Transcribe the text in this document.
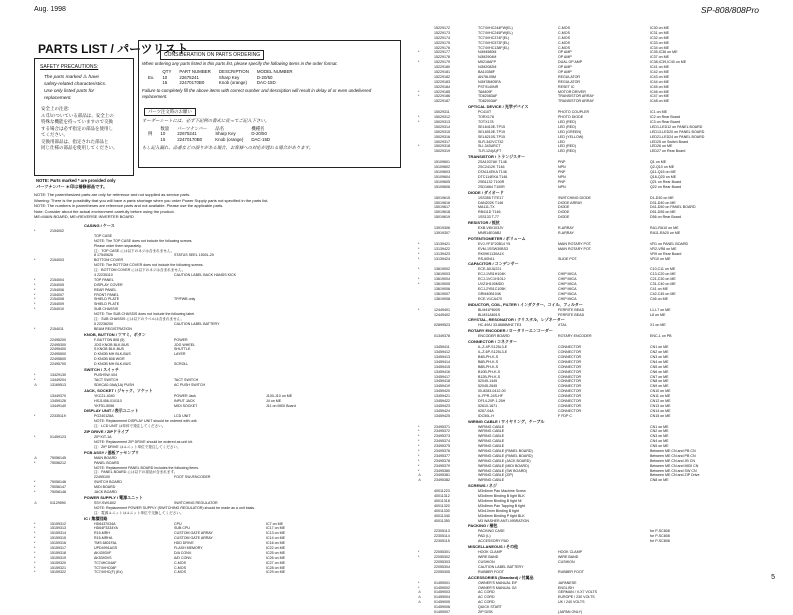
Aug. 1998	SP-808/808Pro
PARTS LIST / パーツリスト
SAFETY PRECAUTIONS:
The parts marked ⚠ have
safety-related characteristics.
Use only listed parts for
replacement.
安全上の注意:
⚠ 印のついている部品は、安全上の
特殊な機能を持っていますので交換
する場合は必ず指定の部品を使用し
てください。
交換用部品は、指定された部品と
同じ仕様の部品を使用してください。
CONSIDERATION ON PARTS ORDERING
When ordering any parts listed in this parts list, please specify the following items in the order format.
	QTY	PART NUMBER	DESCRIPTION	MODEL NUMBER
Ex.	10	22675241	Sharp Key	D-20/50
	15	22470170B0	Knob (orange)	DAC-15D
Failure to completely fill the above items with correct number and description will result in delay of or even undelivered replacement.
パーツ注文時のお願い
オーダーシートには、必ず下記例の書式に従ってご記入下さい。
	数量	パーツナンバー	品名	機種名
例	10	22675241	Sharp Key	D-20/50
	15	22470170B0	Knob (orange)	DAC-15D
もし記入漏れ、品番などの誤りがある場合、お客様への対応が遅れる場合があります。
NOTE: Parts marked * are provided only
パーツナンバー ＊印は補修部品です。
NOTE: The parenthesized parts are only for reference and not supplied as service parts.
Warning: There is the possibility that you will have a parts shortage when you order Power Supply parts not specified in the parts list.
NOTE: The numbers in parentheses are reference parts and not available. Please use the applicable parts.
Note: Consider about the actual environment carefully before using the product.
ME=MAIN BOARD, ME=REVERSE INVERTER BOARD
CASING / ケース
*	2154002
TOP CASE
NOTE: The TOP CASE does not include the following screws.
Please order them separately.
注：TOP CASE には以下のネジは含まれません。
8 17540626	STATUS SEEL 1500L-20
*	2154003	BOTTOM COVER
NOTE: The BOTTOM COVER does not include the following screws.
注：BOTTOM COVER には以下のネジは含まれません。
4 22235110	CAUTION LABEL BACK HANDS KICK
*	2154004	TOP PANEL
*	2154005	DISPLAY COVER
*	2154006	REAR PANEL
*	2154007	FRONT PANEL
*	2154008	SHIELD PLATE	TP/FWB only
*	2154009	SHIELD PLATE
*	2154010	SUB CHASSIS
NOTE: The SUB CHASSIS does not include the following label.
注：SUB CHASSIS には以下のラベルは含まれません。
5 22236200	CAUTION LABEL BATTERY
*	2154011	BEAM REGISTRATION
KNOB, BUTTON / ツマミ、ボタン
22495200	F-BUTTON 808 (5)	POWER
22495300	JOG KNOB BLK-BUS	JOG WHEEL
22495400	S KNOB BLK-BUS	SHUTTLE
22495500	D KNOB MH BLK-BUS	LAYER
22495600	D KNOB 808 WGR
22495700	D KNOB MH BLK-BUS	SCROLL
SWITCH / スイッチ
*	13429130	PUSHSW 4X4
*	13449204	TACT SWITCH	TACT SWITCH
⚠	13169513	SDKCA0-0AA(1A) PUSH	AC PUSH SWITCH
JACK, SOCKET / ジャック、ソケット
13449370	YKC21-4040	POWER Jack	J100-J10 on ME
13459126	HSJ1456-010110	INPUT JACK	J4 on ME
13449140	YKF51-5056	MIDI SOCKET	J11 on MIDI Board
DISPLAY UNIT / 表示ユニット
*	22335119	PG240128A	LCD UNIT
NOTE: Replacement DISPLAY UNIT should be ordered with unit.
注：LCD UNIT は単体で発注してください。
ZIP DRIVE / ZIPドライブ
*	01459123	ZIP KIT-1A
NOTE: Replacement ZIP DRIVE should be ordered as unit kit.
注：ZIP DRIVE はユニット単位で発注してください。
PCB ASSY / 基板アッセンブリ
⚠	75056145	MAIN BOARD
*	75056212	PANEL BOARD
NOTE: Replacement PANEL BOARD includes the following items.
注：PANEL BOARD には以下の部品が含まれます。
22495100	FOOT SW./ENCODER
*	75056146	SWITCH BOARD
*	75056147	MIDI BOARD
*	75056148	JACK BOARD
POWER SUPPLY / 電源ユニット
⚠	01129590	SSY-SW1802	SWITCHING REGULATOR
NOTE: Replacement POWER SUPPLY (SWITCHING REGULATOR) should be made as a unit basis.
注：電源ユニットはユニット単位で交換してください。
IC / 集積回路
*	15159312	HD6437034A	CPU	IC7 on ME
*	15159313	HD64F3334YA	SUB CPU	IC17 on ME
*	15159314	R15-MRH	CUSTOM GATE ARRAY	IC13 on ME
*	15159315	R15-MRHA	CUSTOM GATE ARRAY	IC14 on ME
*	15159316	TMS 6801FAL	HDD DRIVE	IC16 on ME
*	15159317	UPD4991AGS	FLASH MEMORY	IC22 on ME
*	15159318	AK4393VF	D/A CONV.	IC25 on ME
*	15159319	AK5393VS	A/D CONV.	IC26 on ME
*	15159320	TC74HC04AF	C-MOS	IC27 on ME
*	15159321	TC74VHC08F	C-MOS	IC28 on ME
*	15159322	TC74VHC(F) (Ex)	C-MOS	IC29 on ME
15229172	TC74VHC244FW(EL)	C-MOS	IC30 on ME
15229173	TC74VHC245FW(EL)	C-MOS	IC31 on ME
15229174	TC74VHC374F(EL)	C-MOS	IC32 on ME
15229175	TC74VHC573F(EL)	C-MOS	IC33 on ME
15229176	TC74VHC138F(EL)	C-MOS	IC34 on ME
*	15229177	NJM4580M	OP AMP	IC35,IC36 on ME
15229178	NJM2904M	OP AMP	IC37 on ME
*	15229179	M5218AFP	DUAL OP AMP	IC38,IC39,IC40 on ME
15229180	NJM2082M	OP AMP	IC41 on ME
15229181	BA10358F	OP AMP	IC42 on ME
15229182	AN78L05M	REGULATOR	IC43 on ME
15229183	NJM78M05FA	REGULATOR	IC44 on ME
15229184	PST9140NR	RESET IC	IC45 on ME
*	15229185	TA8409F	MOTOR DRIVER	IC46 on ME
*	15229186	TD62083AF	TRANSISTOR ARRAY	IC47 on ME
15229187	TD62003AF	TRANSISTOR ARRAY	IC48 on ME
OPTICAL DEVICE / 光学デバイス
15029311	PC410T	PHOTO COUPLER	IC1 on ME
*	15029312	TORX178	PHOTO DIODE	IC2 on Rear Board
*	15029313	TOTX178	LED (RED)	IC3 on Rear Board
15029314	SEL6410E-TP15	LED (RED)	LED1-LED12 on PANEL BOARD
15029315	SEL6910E-TP15	LED (GREEN)	LED13-LED20 on PANEL BOARD
15029316	SEL6210S-TP15	LED (YELLOW)	LED21-LED24 on PANEL BOARD
15029317	SLR-342VCT32	LED	LED25 on Switch Board
*	15029318	SLI-343URCT	LED (RED)	LED26 on ME
15029319	TLR-124(A)FT	LED (RED)	LED27 on Rear Board
TRANSISTOR / トランジスター
15109601	2SA1037AK T146	PNP	Q1 on ME
15109602	2SC2412K T146	NPN	Q2-Q10 on ME
15109603	DTA114EKA T146	PNP	Q11-Q15 on ME
15109604	DTC114EKA T146	NPN	Q16-Q20 on ME
15109605	2SB1132 T100R	PNP	Q21 on Rear Board
15109606	2SD1664 T100R	NPN	Q22 on Rear Board
DIODE / ダイオード
15019615	1SS355 T/TE17	SWITCHING DIODE	D1-D30 on ME
15019616	DAN202K T146	DIODE ARRAY	D31-D40 on ME
15019617	MA111-TX	DIODE	D41-D50 on PANEL BOARD
15019618	RB411D T146	DIODE	D51-D55 on ME
15019619	1SS133 T-77	DIODE	D56 on Rear Board
RESISTOR / 抵抗
13919306	EXB-V8V103JV	R-ARRAY	RA1-RA10 on ME
13919307	MNR14E0ABJ	R-ARRAY	RA11-RA20 on ME
POTENTIOMETER / ボリューム
*	13139421	EVJ-YF1F20B14 Y5	MAIN ROTARY POT.	VR1 on PANEL BOARD
*	13139422	EVM-1SSW30BS3	MAIN ROTARY POT.	VR2-VR8 on ME
*	13139423	RK09K1130A1X	VR9 on Rear Board
*	13139424	RS-60N11	SLIDE POT.	VR10 on ME
CAPACITOR / コンデンサー
*	13619002	ECE-A0JU221	C10,C11 on ME
13619003	ECJ-1VB1H104K	CHIP MICA	C13-C20 on ME
*	13619004	ECJ-1VC1H101J	CHIP MICA	C21-C30 on ME
*	13619005	UVZ1H100MDD	CHIP MICA	C31-C40 on ME
13619006	ECJ-2YB1C105K	CHIP MICA	C41 on ME
13619007	GRM40B104K	CHIP MICA	C42-C45 on ME
13619008	ECE-V1CA470	CHIP MICA	C46 on ME
INDUCTOR, COIL, FILTER / インダクター、コイル、フィルター
*	12449401	BLM41P800S	FERRITE BEAD	L1-L7 on ME
12449402	BLM31A601S	FERRITE BEAD	L8 on ME
CRYSTAL, RESONATOR / クリスタル、レゾネーター
02899523	HC-49/U 33.8688MHZ TE3	XTAL	X1 on ME
ROTARY ENCODER / ロータリーエンコーダー
01349378	ENCODER BOARD	ROTARY ENCODER	ENC-1 on PB
CONNECTOR / コネクター
13459411	IL-Z-4P-S125L3-E	CONNECTOR	CN1 on ME
13459412	IL-Z-6P-S125L3-E	CONNECTOR	CN2 on ME
13459413	B4B-PH-K-S	CONNECTOR	CN3 on ME
13459414	B6B-PH-K-S	CONNECTOR	CN4 on ME
13459415	B8B-PH-K-S	CONNECTOR	CN5 on ME
13459416	B10B-PH-K-S	CONNECTOR	CN6 on ME
13459417	B12B-PH-K-S	CONNECTOR	CN7 on ME
13459418	52045-1445	CONNECTOR	CN8 on ME
13459419	52045-2645	CONNECTOR	CN9 on ME
13459420	00-8283-0412-00	CONNECTOR	CN10 on ME
13459421	IL-FPR-24S-HF	CONNECTOR	CN11 on ME
13459422	DF14-20P-1.25H	CONNECTOR	CN12 on ME
13459423	52610-1671	CONNECTOR	CN13 on ME
13459424	5267-04A	CONNECTOR	CN14 on ME
13459425	IDC50L-H	F FDP C	CN15 on ME
WIRING CABLE / ワイヤリング、ケーブル
*	23495371	WIRING CABLE	CN1 on ME
*	23495372	WIRING CABLE	CN2 on ME
*	23495373	WIRING CABLE	CN3 on ME
*	23495374	WIRING CABLE	CN4 on ME
*	23495375	WIRING CABLE	CN5 on ME
*	23495376	WIRING CABLE (PANEL BOARD)	Between ME CN and PB CN
*	23495377	WIRING CABLE (PANEL BOARD)	Between ME CN and PB CN
*	23495378	WIRING CABLE (JACK BOARD)	Between ME CN and JB CN
*	23495379	WIRING CABLE (MIDI BOARD)	Between ME CN and MIDI CN
*	23495380	WIRING CABLE (SW BOARD)	Between ME CN and SW CN
⚠	23495381	WIRING CABLE (ZIP)	Between ME CN and ZIP Drive
⚠	23495382	WIRING CABLE	CN8 on ME
SCREWS / ネジ
40011223	M3x6mm Pan Machine Screw
40011312	M3x8mm Binding B tight BLK
40011318	M3x6mm Binding B tight NI
40011320	M3x8mm Pan Tapping B tight
40011330	M3x10mm Binding B tight
40011340	M3x6mm Binding P tight BLK
40011350	M3 WASHER ANTI-VIBRATION
PACKING / 梱包
22305113	PACKING CASE	for P-SC808
22305114	PAD (L)	for P-SC808
22305115	ACCESSORY PAD	for P-SC808
MISCELLANEOUS / その他
*	22055301	HOOK CLAMP	HOOK CLAMP
*	22055302	WIRE BAND	WIRE BAND
22055303	CUSHION	CUSHION
22055304	CAUTION LABEL BATTERY
22055305	RUBBER FOOT	RUBBER FOOT
ACCESSORIES (Standard) / 付属品
*	01459001	OWNER'S MANUAL E/F	JAPANESE
*	01459002	OWNER'S MANUAL G/I	ENGLISH
⚠	01459003	AC CORD	GERMAN / V-X7 VOLTS
⚠	01459004	AC CORD	EUROPE / 230 VOLTS
⚠	01459005	AC CORD	UK / 240 VOLTS
01459006	QUICK START
01459007	ZIP DISK	(JAPAN ONLY)
5
